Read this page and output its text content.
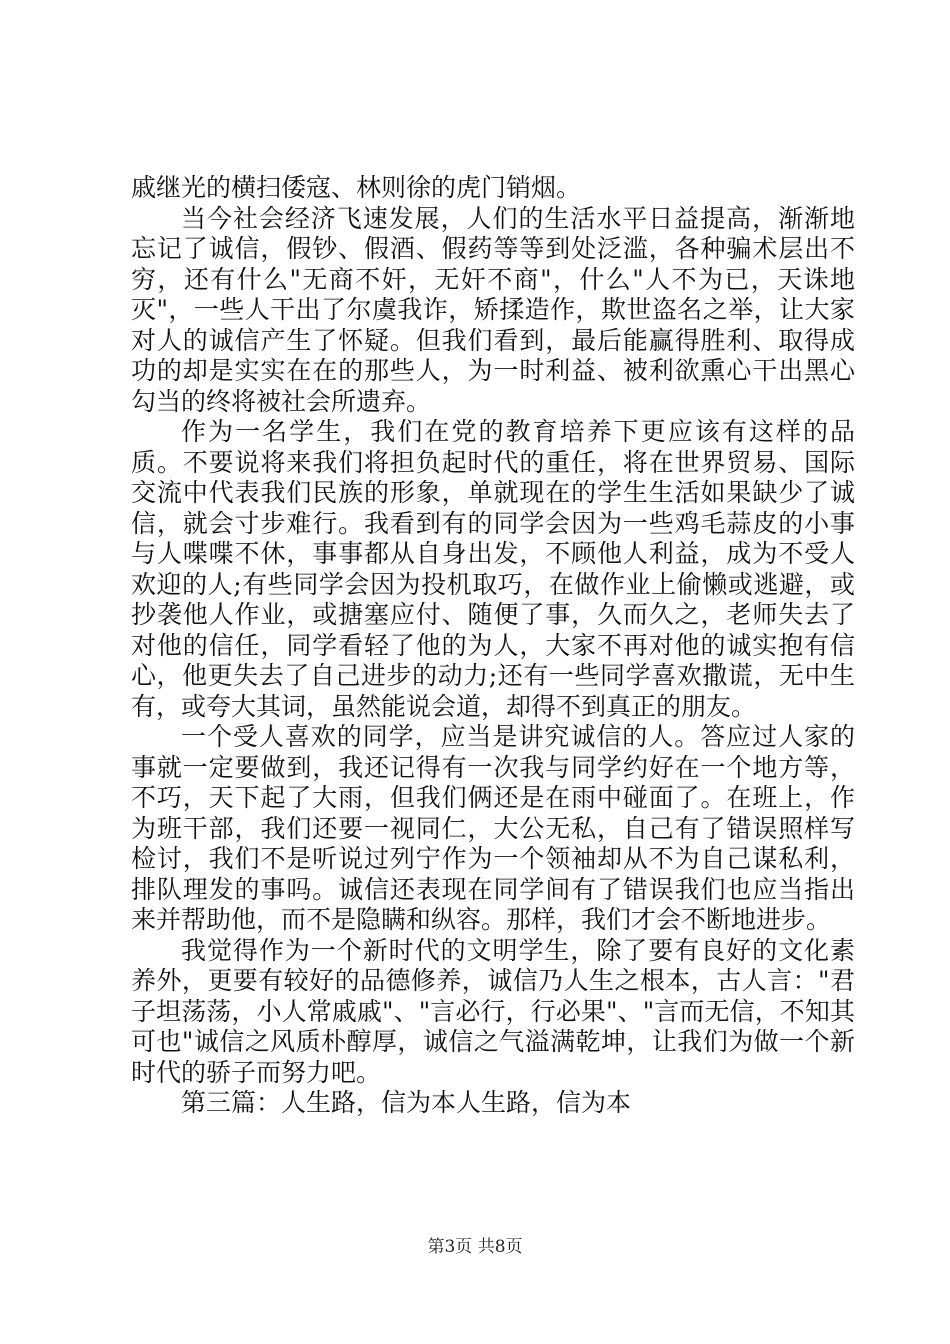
戚继光的横扫倭寇、林则徐的虎门销烟。

当今社会经济飞速发展，人们的生活水平日益提高，渐渐地忘记了诚信，假钞、假酒、假药等等到处泛滥，各种骗术层出不穷，还有什么"无商不奸，无奸不商"，什么"人不为已，天诛地灭"，一些人干出了尔虞我诈，矫揉造作，欺世盗名之举，让大家对人的诚信产生了怀疑。但我们看到，最后能赢得胜利、取得成功的却是实实在在的那些人，为一时利益、被利欲熏心干出黑心勾当的终将被社会所遗弃。

作为一名学生，我们在党的教育培养下更应该有这样的品质。不要说将来我们将担负起时代的重任，将在世界贸易、国际交流中代表我们民族的形象，单就现在的学生生活如果缺少了诚信，就会寸步难行。我看到有的同学会因为一些鸡毛蒜皮的小事与人喋喋不休，事事都从自身出发，不顾他人利益，成为不受人欢迎的人;有些同学会因为投机取巧，在做作业上偷懒或逃避，或抄袭他人作业，或搪塞应付、随便了事，久而久之，老师失去了对他的信任，同学看轻了他的为人，大家不再对他的诚实抱有信心，他更失去了自己进步的动力;还有一些同学喜欢撒谎，无中生有，或夸大其词，虽然能说会道，却得不到真正的朋友。

一个受人喜欢的同学，应当是讲究诚信的人。答应过人家的事就一定要做到，我还记得有一次我与同学约好在一个地方等，不巧，天下起了大雨，但我们俩还是在雨中碰面了。在班上，作为班干部，我们还要一视同仁，大公无私，自己有了错误照样写检讨，我们不是听说过列宁作为一个领袖却从不为自己谋私利，排队理发的事吗。诚信还表现在同学间有了错误我们也应当指出来并帮助他，而不是隐瞒和纵容。那样，我们才会不断地进步。

我觉得作为一个新时代的文明学生，除了要有良好的文化素养外，更要有较好的品德修养，诚信乃人生之根本，古人言："君子坦荡荡，小人常戚戚"、"言必行，行必果"、"言而无信，不知其可也"诚信之风质朴醇厚，诚信之气溢满乾坤，让我们为做一个新时代的骄子而努力吧。

第三篇：人生路，信为本人生路，信为本

第3页 共8页
